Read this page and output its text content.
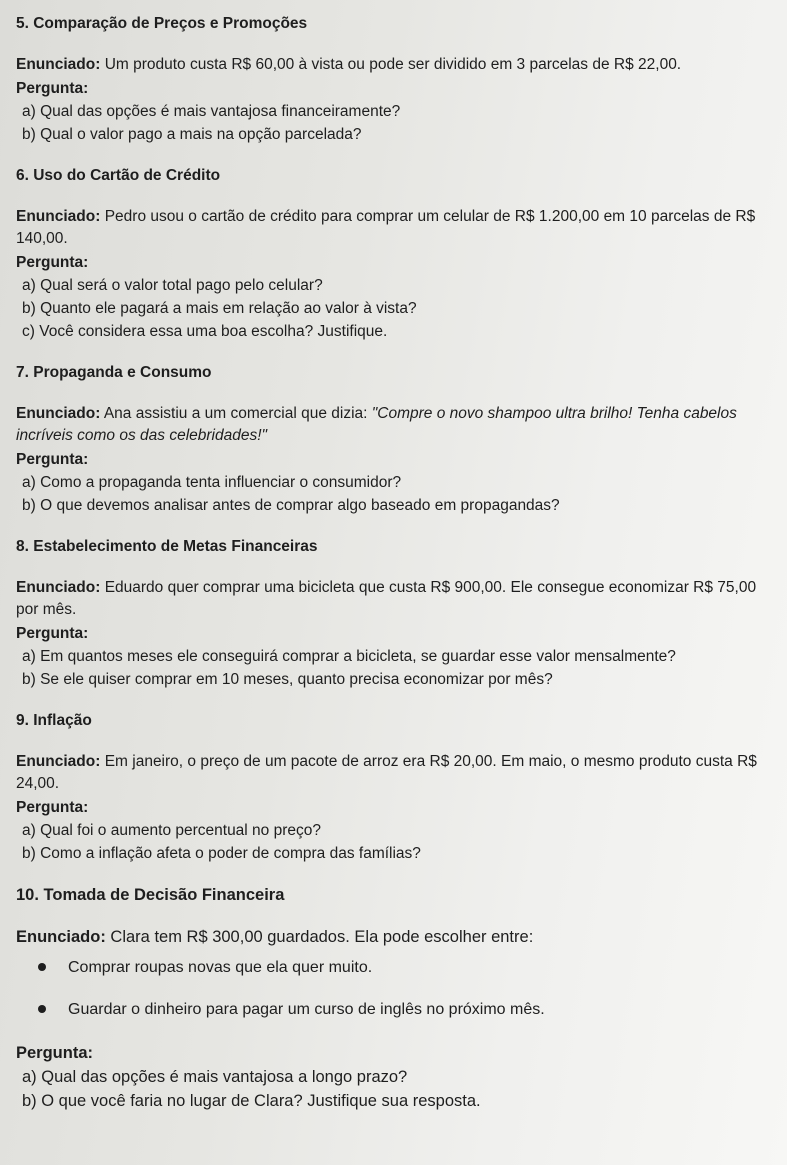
5. Comparação de Preços e Promoções

Enunciado: Um produto custa R$ 60,00 à vista ou pode ser dividido em 3 parcelas de R$ 22,00.

Pergunta:

a) Qual das opções é mais vantajosa financeiramente?
b) Qual o valor pago a mais na opção parcelada?

6. Uso do Cartão de Crédito

Enunciado: Pedro usou o cartão de crédito para comprar um celular de R$ 1.200,00 em 10 parcelas de R$ 140,00.

Pergunta:

a) Qual será o valor total pago pelo celular?
b) Quanto ele pagará a mais em relação ao valor à vista?
c) Você considera essa uma boa escolha? Justifique.

7. Propaganda e Consumo

Enunciado: Ana assistiu a um comercial que dizia: "Compre o novo shampoo ultra brilho! Tenha cabelos incríveis como os das celebridades!"

Pergunta:

a) Como a propaganda tenta influenciar o consumidor?
b) O que devemos analisar antes de comprar algo baseado em propagandas?

8. Estabelecimento de Metas Financeiras

Enunciado: Eduardo quer comprar uma bicicleta que custa R$ 900,00. Ele consegue economizar R$ 75,00 por mês.

Pergunta:

a) Em quantos meses ele conseguirá comprar a bicicleta, se guardar esse valor mensalmente?
b) Se ele quiser comprar em 10 meses, quanto precisa economizar por mês?

9. Inflação

Enunciado: Em janeiro, o preço de um pacote de arroz era R$ 20,00. Em maio, o mesmo produto custa R$ 24,00.

Pergunta:

a) Qual foi o aumento percentual no preço?
b) Como a inflação afeta o poder de compra das famílias?

10. Tomada de Decisão Financeira

Enunciado: Clara tem R$ 300,00 guardados. Ela pode escolher entre:

Comprar roupas novas que ela quer muito.
Guardar o dinheiro para pagar um curso de inglês no próximo mês.

Pergunta:

a) Qual das opções é mais vantajosa a longo prazo?
b) O que você faria no lugar de Clara? Justifique sua resposta.
